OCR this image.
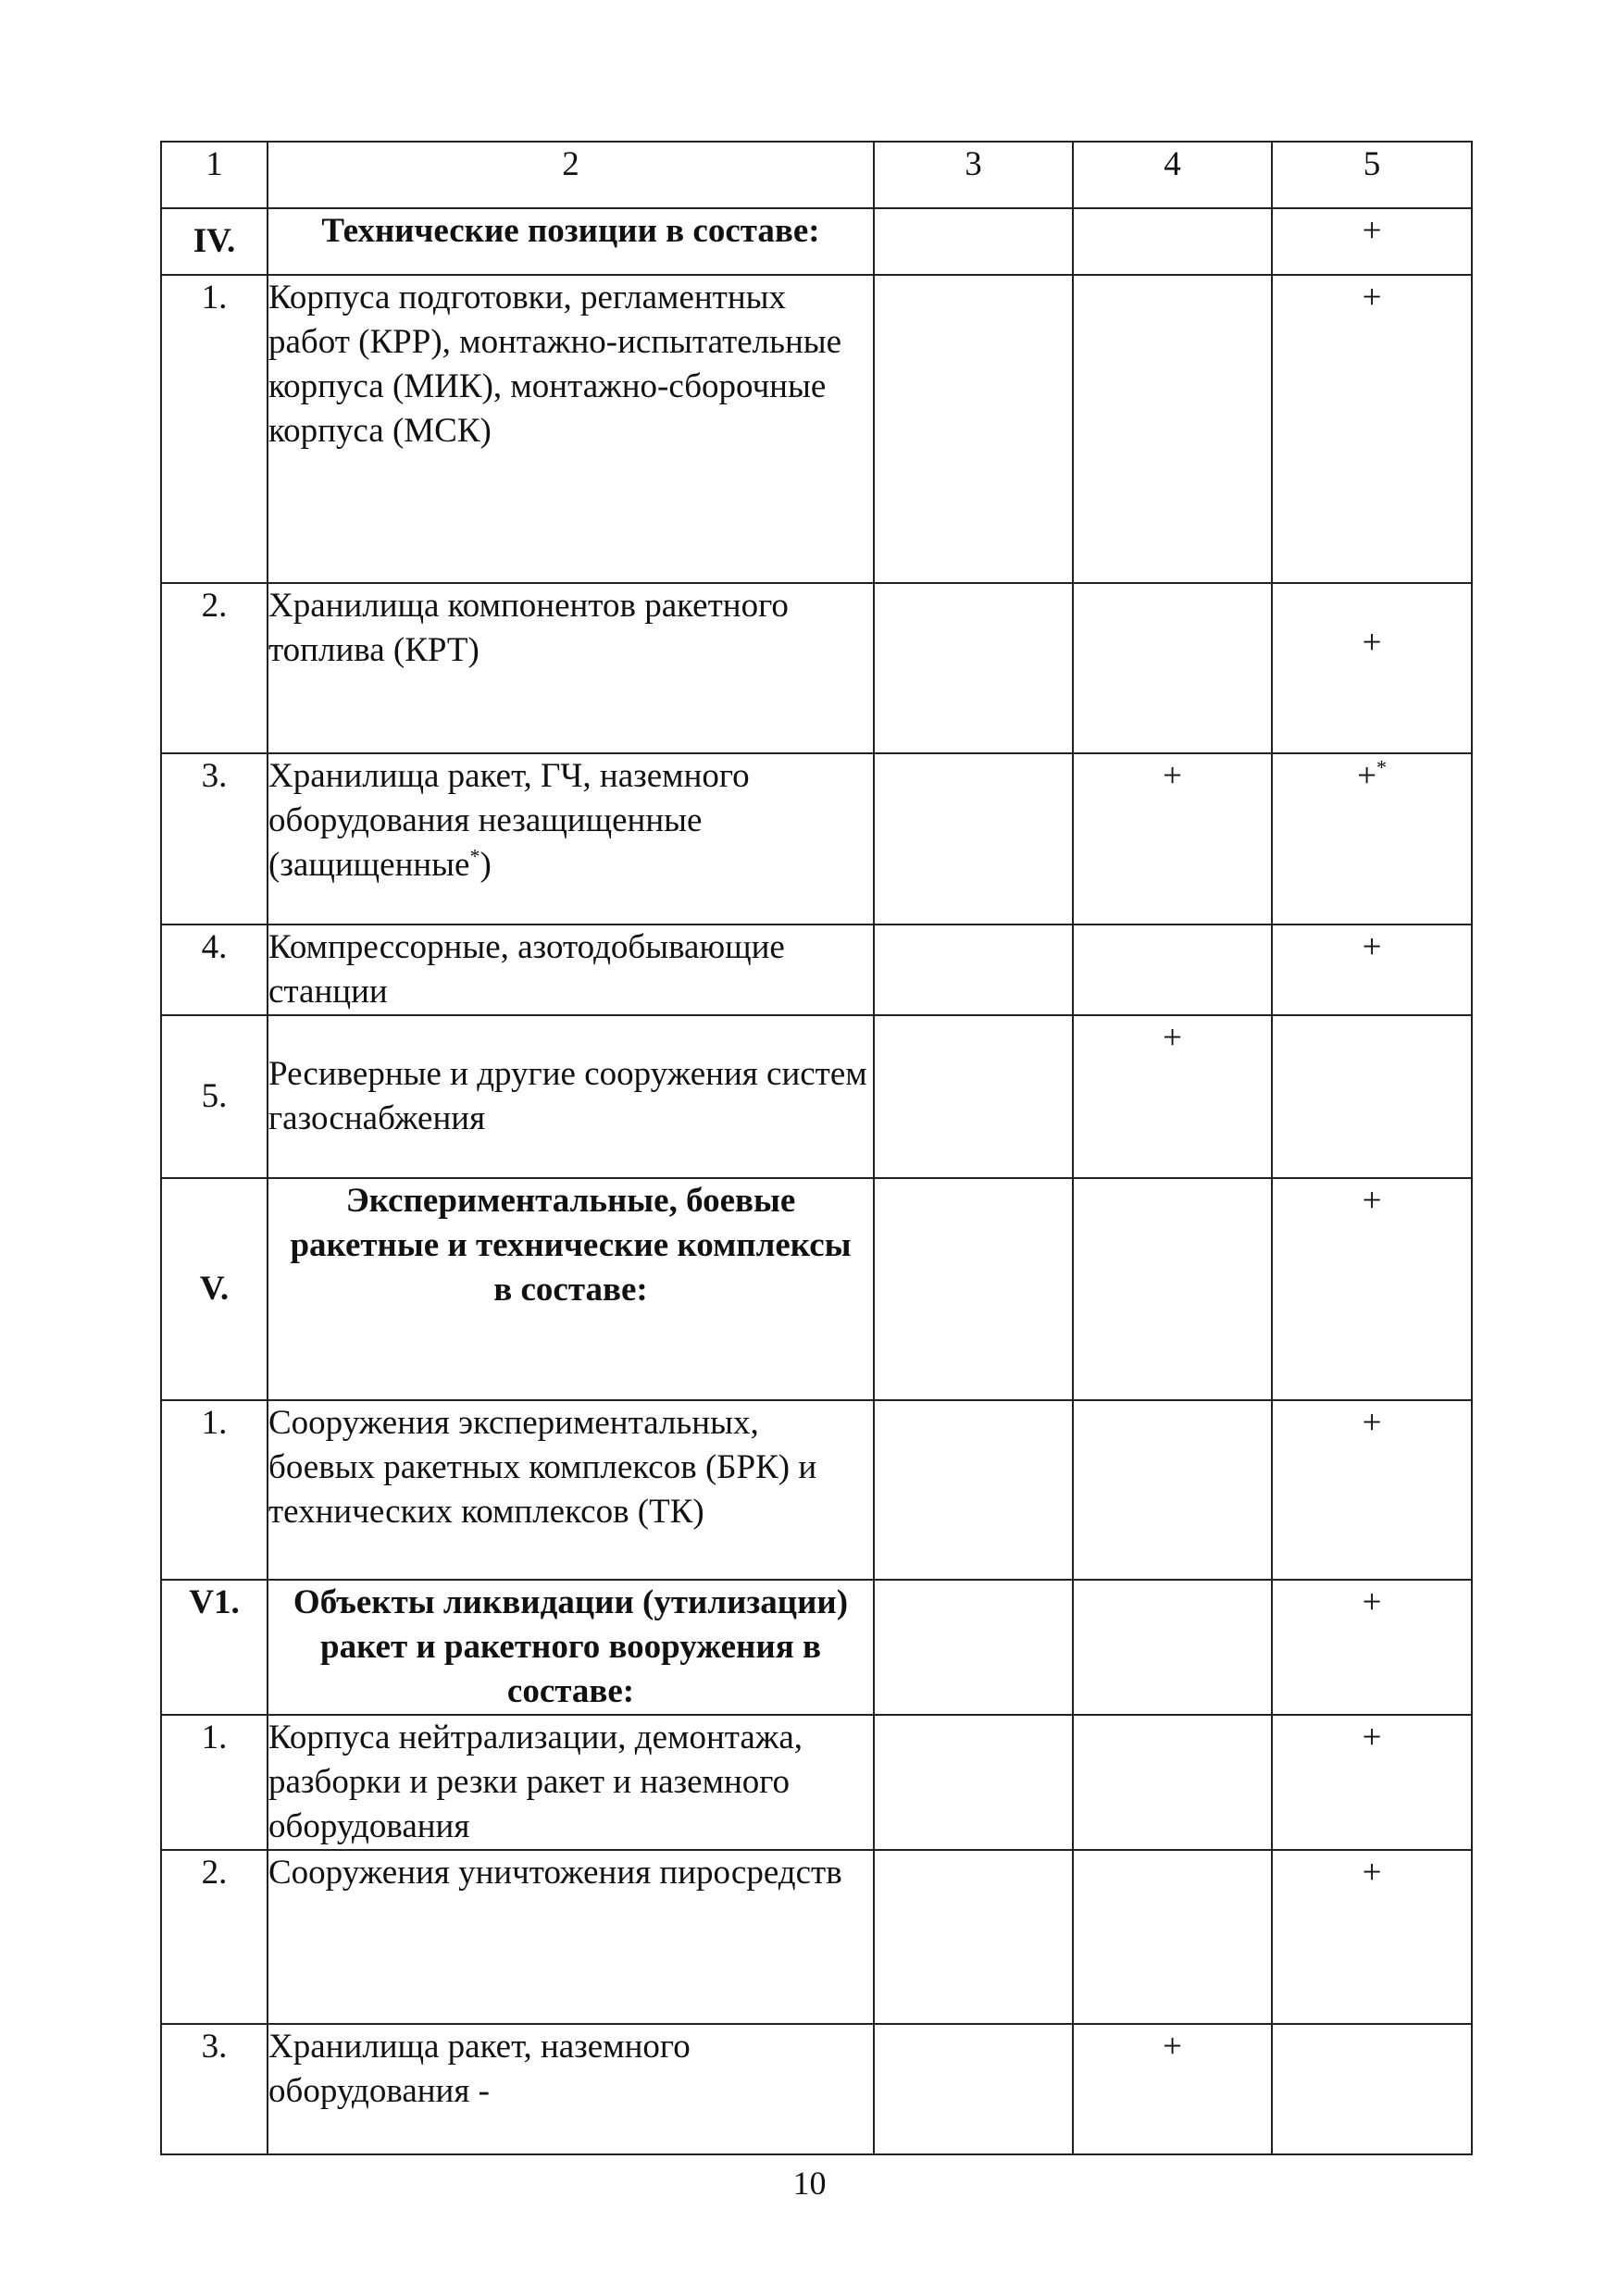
1	2	3	4	5
IV.	Технические позиции в составе:			+
1.	Корпуса подготовки, регламентных работ (КРР), монтажно-испытательные корпуса (МИК), монтажно-сборочные корпуса (МСК)			+
2.	Хранилища компонентов ракетного топлива (КРТ)			+
3.	Хранилища ракет, ГЧ, наземного оборудования незащищенные (защищенные*)		+	+*
4.	Компрессорные, азотодобывающие станции			+
5.	Ресиверные и другие сооружения систем газоснабжения		+	
V.	Экспериментальные, боевые ракетные и технические комплексы в составе:			+
1.	Сооружения экспериментальных, боевых ракетных комплексов (БРК) и технических комплексов (ТК)			+
V1.	Объекты ликвидации (утилизации) ракет и ракетного вооружения в составе:			+
1.	Корпуса нейтрализации, демонтажа, разборки и резки ракет и наземного оборудования			+
2.	Сооружения уничтожения пиросредств			+
3.	Хранилища ракет, наземного оборудования -		+	
10
